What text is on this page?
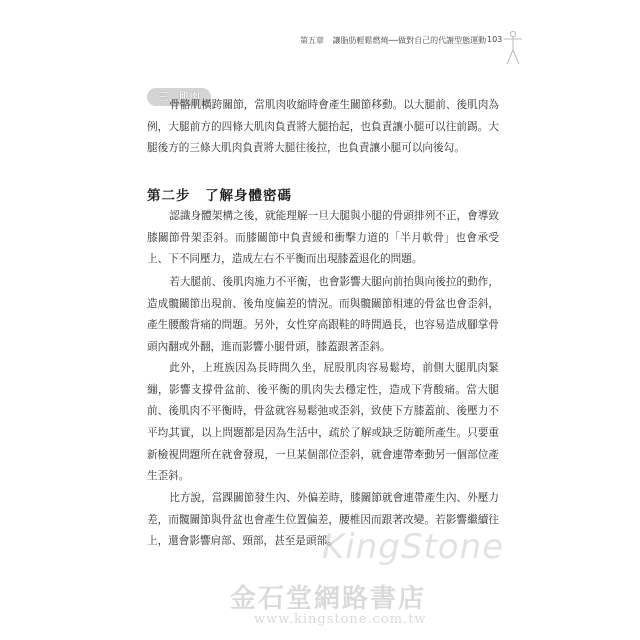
第五章 讓脂肪輕鬆燃燒──做對自己的代謝型態運動 103
三、肌肉

骨骼肌橫跨關節，當肌肉收縮時會產生關節移動。以大腿前、後肌肉為例，大腿前方的四條大肌肉負責將大腿抬起，也負責讓小腿可以往前踢。大腿後方的三條大肌肉負責將大腿往後拉，也負責讓小腿可以向後勾。

第二步　了解身體密碼

認識身體架構之後，就能理解一旦大腿與小腿的骨頭排列不正，會導致膝關節骨架歪斜。而膝關節中負責緩和衝擊力道的「半月軟骨」也會承受上、下不同壓力，造成左右不平衡而出現膝蓋退化的問題。

若大腿前、後肌肉施力不平衡，也會影響大腿向前抬與向後拉的動作，造成髖關節出現前、後角度偏差的情況。而與髖關節相連的骨盆也會歪斜，產生腰酸背痛的問題。另外，女性穿高跟鞋的時間過長，也容易造成腳掌骨頭內翻或外翻，進而影響小腿骨頭，膝蓋跟著歪斜。

此外，上班族因為長時間久坐，屁股肌肉容易鬆垮，前側大腿肌肉緊繃，影響支撐骨盆前、後平衡的肌肉失去穩定性，造成下背酸痛。當大腿前、後肌肉不平衡時，骨盆就容易鬆弛或歪斜，致使下方膝蓋前、後壓力不平均。

其實，以上問題都是因為生活中，疏於了解或缺乏防範所產生。只要重新檢視問題所在就會發現，一旦某個部位歪斜，就會連帶牽動另一個部位產生歪斜。

比方說，當踝關節發生內、外偏差時，膝關節就會連帶產生內、外壓力差，而髖關節與骨盆也會產生位置偏差，腰椎因而跟著改變。若影響繼續往上，還會影響肩部、頸部，甚至是頭部。

KingStone
金石堂網路書店
www.kingstone.com.tw
